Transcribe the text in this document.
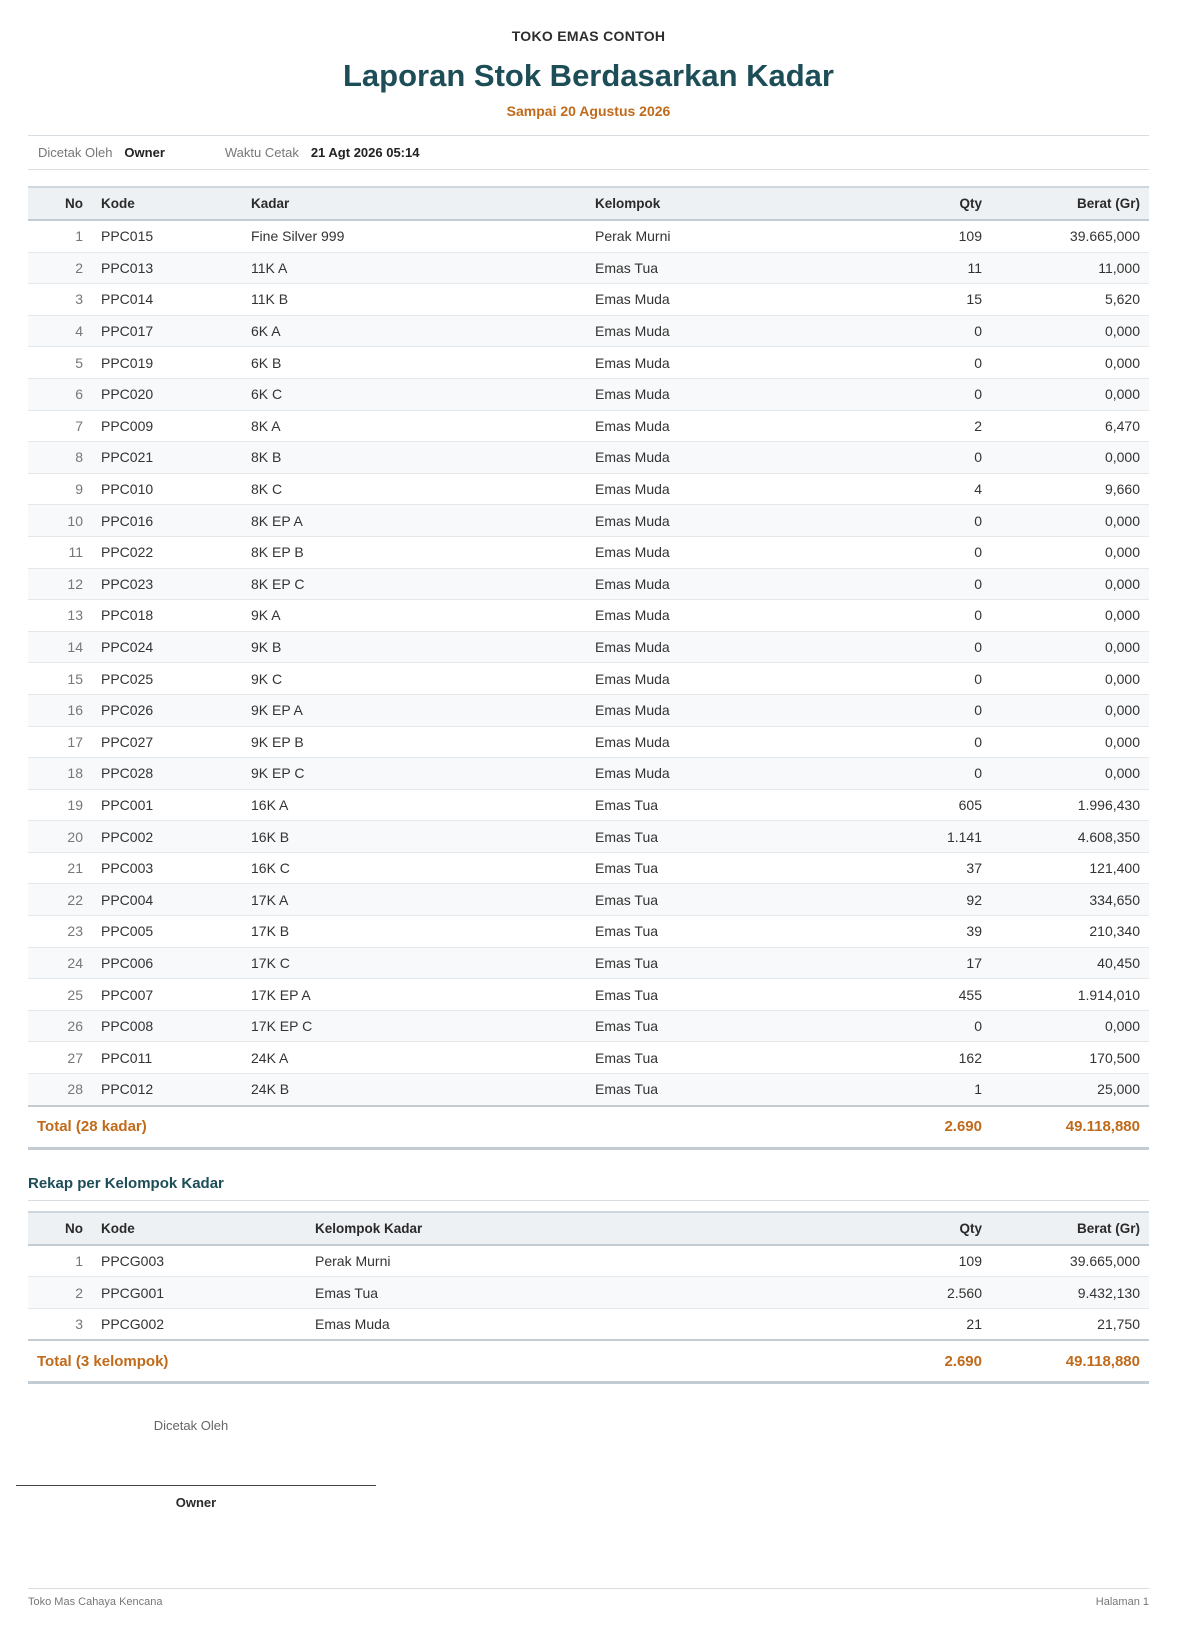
TOKO EMAS CONTOH
Laporan Stok Berdasarkan Kadar
Sampai 20 Agustus 2026
Dicetak Oleh Owner	Waktu Cetak 21 Agt 2026 05:14
No	Kode	Kadar	Kelompok	Qty	Berat (Gr)
1	PPC015	Fine Silver 999	Perak Murni	109	39.665,000
2	PPC013	11K A	Emas Tua	11	11,000
3	PPC014	11K B	Emas Muda	15	5,620
4	PPC017	6K A	Emas Muda	0	0,000
5	PPC019	6K B	Emas Muda	0	0,000
6	PPC020	6K C	Emas Muda	0	0,000
7	PPC009	8K A	Emas Muda	2	6,470
8	PPC021	8K B	Emas Muda	0	0,000
9	PPC010	8K C	Emas Muda	4	9,660
10	PPC016	8K EP A	Emas Muda	0	0,000
11	PPC022	8K EP B	Emas Muda	0	0,000
12	PPC023	8K EP C	Emas Muda	0	0,000
13	PPC018	9K A	Emas Muda	0	0,000
14	PPC024	9K B	Emas Muda	0	0,000
15	PPC025	9K C	Emas Muda	0	0,000
16	PPC026	9K EP A	Emas Muda	0	0,000
17	PPC027	9K EP B	Emas Muda	0	0,000
18	PPC028	9K EP C	Emas Muda	0	0,000
19	PPC001	16K A	Emas Tua	605	1.996,430
20	PPC002	16K B	Emas Tua	1.141	4.608,350
21	PPC003	16K C	Emas Tua	37	121,400
22	PPC004	17K A	Emas Tua	92	334,650
23	PPC005	17K B	Emas Tua	39	210,340
24	PPC006	17K C	Emas Tua	17	40,450
25	PPC007	17K EP A	Emas Tua	455	1.914,010
26	PPC008	17K EP C	Emas Tua	0	0,000
27	PPC011	24K A	Emas Tua	162	170,500
28	PPC012	24K B	Emas Tua	1	25,000
Total (28 kadar)				2.690	49.118,880
Rekap per Kelompok Kadar
No	Kode	Kelompok Kadar	Qty	Berat (Gr)
1	PPCG003	Perak Murni	109	39.665,000
2	PPCG001	Emas Tua	2.560	9.432,130
3	PPCG002	Emas Muda	21	21,750
Total (3 kelompok)			2.690	49.118,880
Dicetak Oleh
Owner
Toko Mas Cahaya Kencana	Halaman 1
